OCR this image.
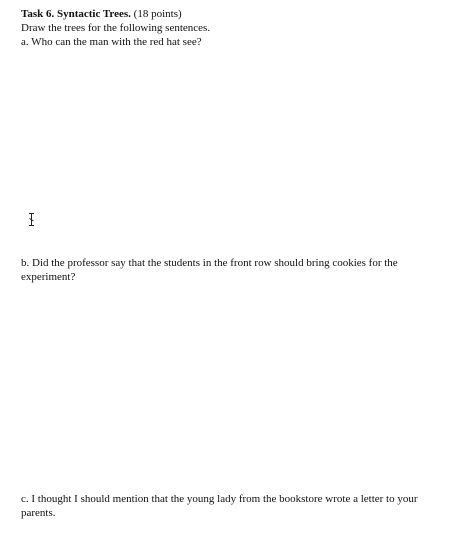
Task 6. Syntactic Trees. (18 points)
Draw the trees for the following sentences.
a. Who can the man with the red hat see?
b. Did the professor say that the students in the front row should bring cookies for the experiment?
c. I thought I should mention that the young lady from the bookstore wrote a letter to your parents.
